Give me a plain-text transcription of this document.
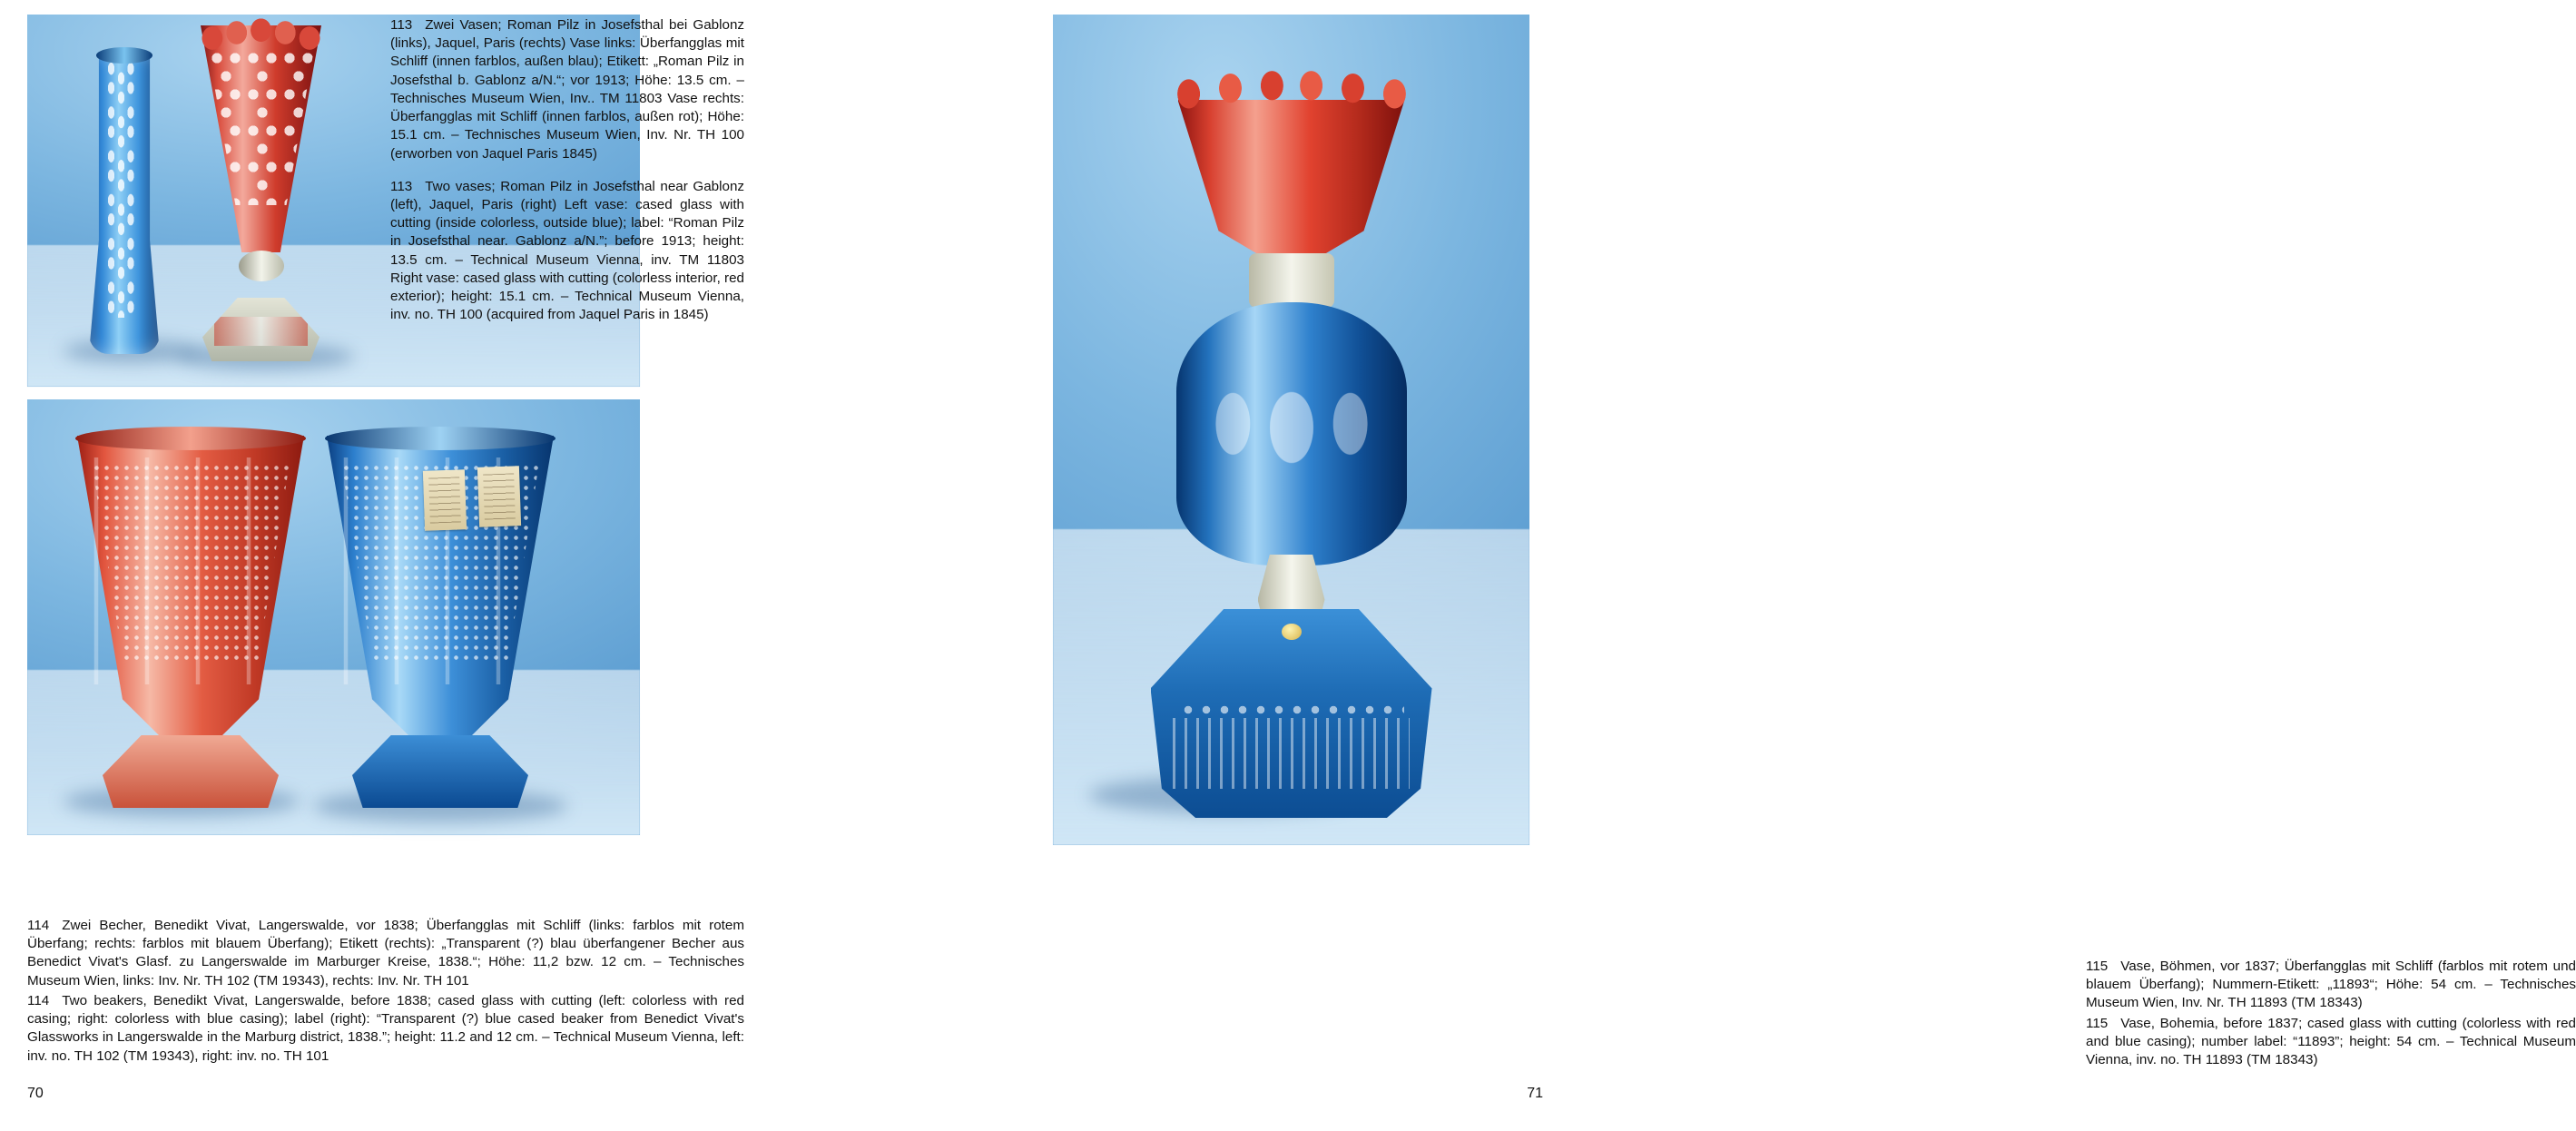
113 Zwei Vasen; Roman Pilz in Josefsthal bei Gablonz (links), Jaquel, Paris (rechts) Vase links: Überfangglas mit Schliff (innen farblos, außen blau); Etikett: „Roman Pilz in Josefsthal b. Gablonz a/N.“; vor 1913; Höhe: 13.5 cm. – Technisches Museum Wien, Inv.. TM 11803 Vase rechts: Überfangglas mit Schliff (innen farblos, außen rot); Höhe: 15.1 cm. – Technisches Museum Wien, Inv. Nr. TH 100 (erworben von Jaquel Paris 1845)

113 Two vases; Roman Pilz in Josefsthal near Gablonz (left), Jaquel, Paris (right) Left vase: cased glass with cutting (inside colorless, outside blue); label: “Roman Pilz in Josefsthal near. Gablonz a/N.”; before 1913; height: 13.5 cm. – Technical Museum Vienna, inv. TM 11803 Right vase: cased glass with cutting (colorless interior, red exterior); height: 15.1 cm. – Technical Museum Vienna, inv. no. TH 100 (acquired from Jaquel Paris in 1845)

114 Zwei Becher, Benedikt Vivat, Langerswalde, vor 1838; Überfangglas mit Schliff (links: farblos mit rotem Überfang; rechts: farblos mit blauem Überfang); Etikett (rechts): „Transparent (?) blau überfangener Becher aus Benedict Vivat's Glasf. zu Langerswalde im Marburger Kreise, 1838.“; Höhe: 11,2 bzw. 12 cm. – Technisches Museum Wien, links: Inv. Nr. TH 102 (TM 19343), rechts: Inv. Nr. TH 101

114 Two beakers, Benedikt Vivat, Langerswalde, before 1838; cased glass with cutting (left: colorless with red casing; right: colorless with blue casing); label (right): “Transparent (?) blue cased beaker from Benedict Vivat's Glassworks in Langerswalde in the Marburg district, 1838.”; height: 11.2 and 12 cm. – Technical Museum Vienna, left: inv. no. TH 102 (TM 19343), right: inv. no. TH 101

70

115 Vase, Böhmen, vor 1837; Überfangglas mit Schliff (farblos mit rotem und blauem Überfang); Nummern-Etikett: „11893“; Höhe: 54 cm. – Technisches Museum Wien, Inv. Nr. TH 11893 (TM 18343)

115 Vase, Bohemia, before 1837; cased glass with cutting (colorless with red and blue casing); number label: “11893”; height: 54 cm. – Technical Museum Vienna, inv. no. TH 11893 (TM 18343)

71
